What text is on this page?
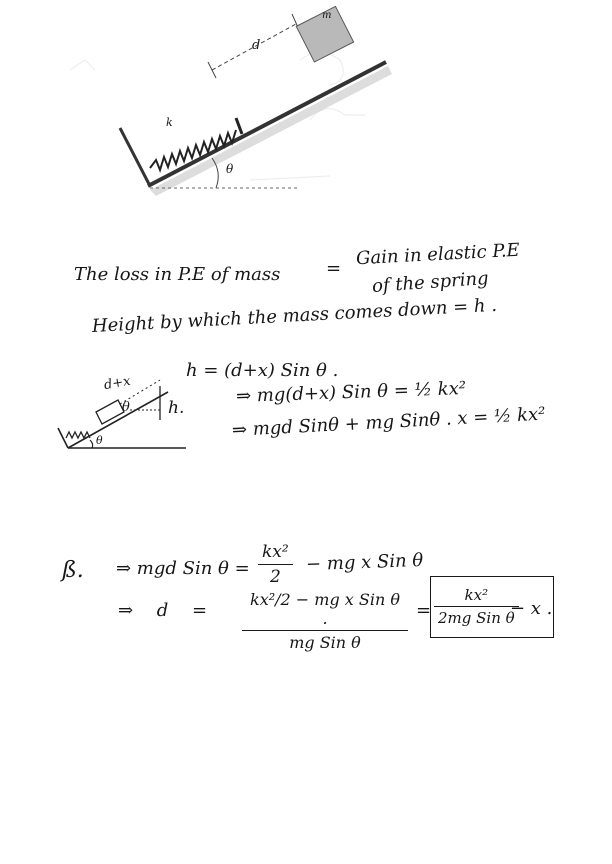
m
d
k
θ
The loss in P.E of mass	= Gain in elastic P.E
of the spring
Height by which the mass comes down = h .
h = (d+x) Sin θ .
d+x
θ
θ
h.
⇒ mg(d+x) Sin θ = ½ kx²
⇒ mgd Sinθ + mg Sinθ . x = ½ kx²
ß. ⇒ mgd Sin θ =
kx²
2
− mg x Sin θ
⇒ d =
kx²/2 − mg x Sin θ .
mg Sin θ
=
kx²
2mg Sin θ
− x .
